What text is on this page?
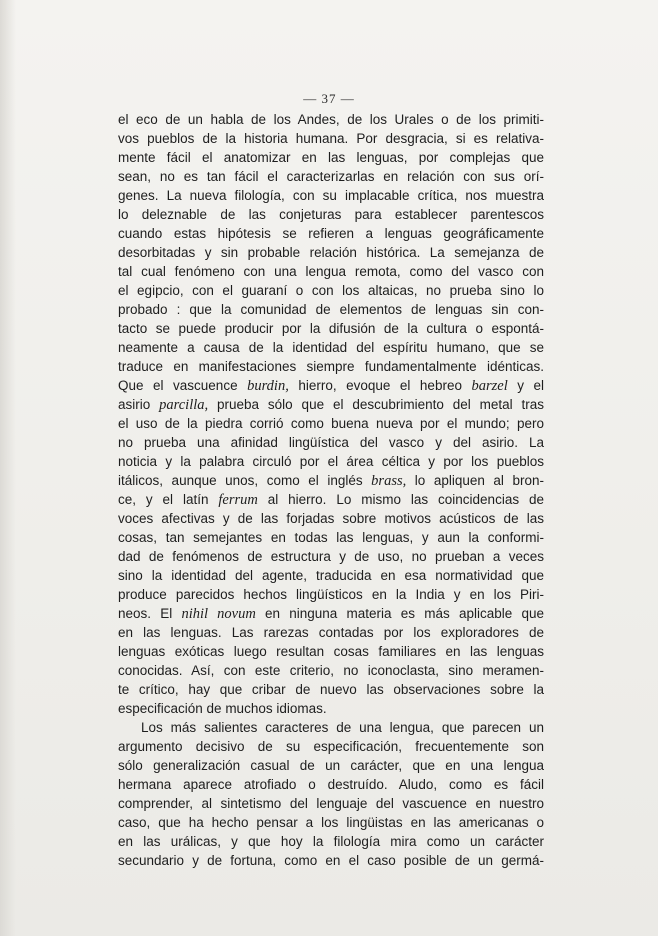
— 37 —
el eco de un habla de los Andes, de los Urales o de los primiti-
vos pueblos de la historia humana. Por desgracia, si es relativa-
mente fácil el anatomizar en las lenguas, por complejas que
sean, no es tan fácil el caracterizarlas en relación con sus orí-
genes. La nueva filología, con su implacable crítica, nos muestra
lo deleznable de las conjeturas para establecer parentescos
cuando estas hipótesis se refieren a lenguas geográficamente
desorbitadas y sin probable relación histórica. La semejanza de
tal cual fenómeno con una lengua remota, como del vasco con
el egipcio, con el guaraní o con los altaicas, no prueba sino lo
probado : que la comunidad de elementos de lenguas sin con-
tacto se puede producir por la difusión de la cultura o espontá-
neamente a causa de la identidad del espíritu humano, que se
traduce en manifestaciones siempre fundamentalmente idénticas.
Que el vascuence burdin, hierro, evoque el hebreo barzel y el
asirio parcilla, prueba sólo que el descubrimiento del metal tras
el uso de la piedra corrió como buena nueva por el mundo; pero
no prueba una afinidad lingüística del vasco y del asirio. La
noticia y la palabra circuló por el área céltica y por los pueblos
itálicos, aunque unos, como el inglés brass, lo apliquen al bron-
ce, y el latín ferrum al hierro. Lo mismo las coincidencias de
voces afectivas y de las forjadas sobre motivos acústicos de las
cosas, tan semejantes en todas las lenguas, y aun la conformi-
dad de fenómenos de estructura y de uso, no prueban a veces
sino la identidad del agente, traducida en esa normatividad que
produce parecidos hechos lingüísticos en la India y en los Piri-
neos. El nihil novum en ninguna materia es más aplicable que
en las lenguas. Las rarezas contadas por los exploradores de
lenguas exóticas luego resultan cosas familiares en las lenguas
conocidas. Así, con este criterio, no iconoclasta, sino meramen-
te crítico, hay que cribar de nuevo las observaciones sobre la
especificación de muchos idiomas.
Los más salientes caracteres de una lengua, que parecen un
argumento decisivo de su especificación, frecuentemente son
sólo generalización casual de un carácter, que en una lengua
hermana aparece atrofiado o destruído. Aludo, como es fácil
comprender, al sintetismo del lenguaje del vascuence en nuestro
caso, que ha hecho pensar a los lingüistas en las americanas o
en las urálicas, y que hoy la filología mira como un carácter
secundario y de fortuna, como en el caso posible de un germá-
